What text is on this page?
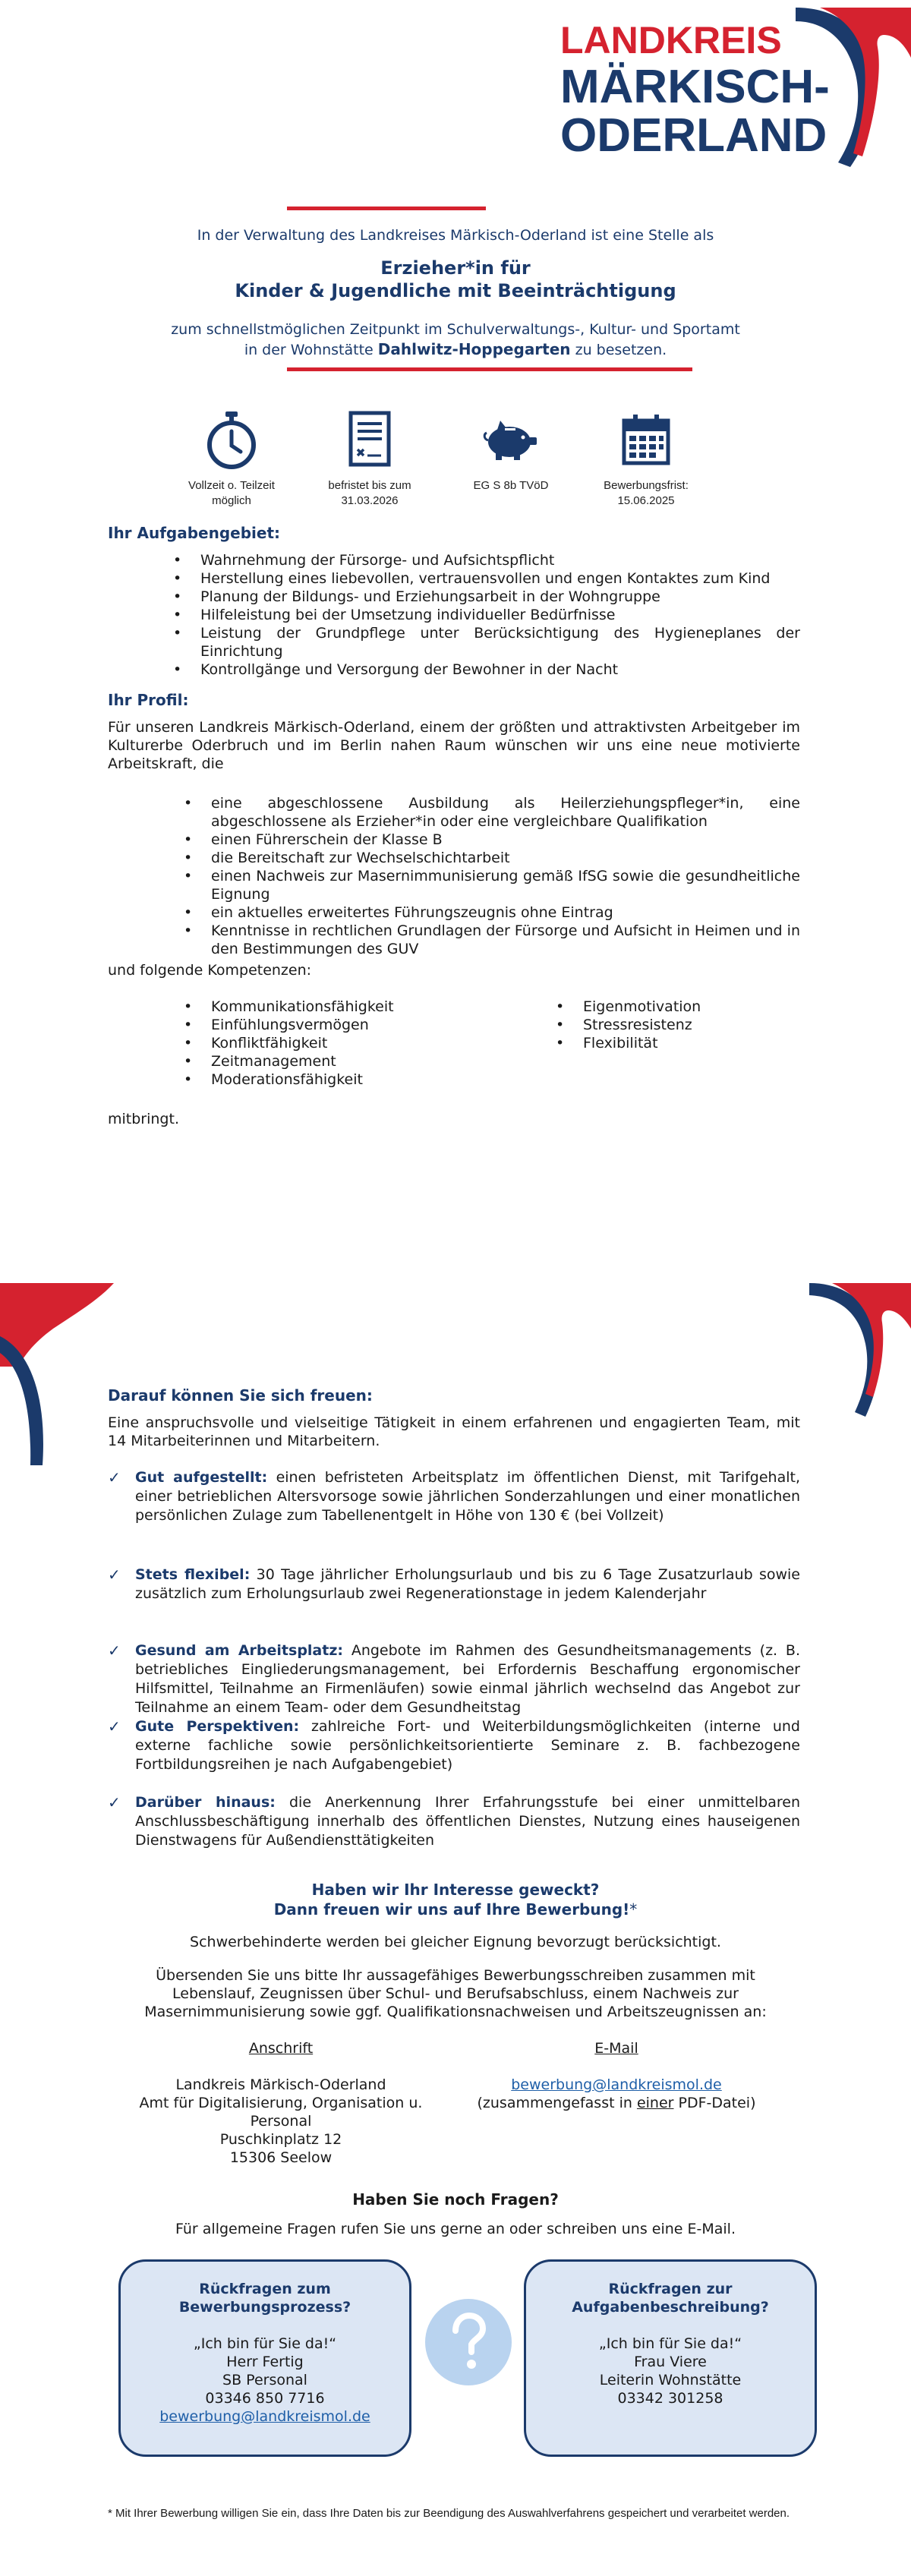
LANDKREIS
MÄRKISCH-
ODERLAND
In der Verwaltung des Landkreises Märkisch-Oderland ist eine Stelle als
Erzieher*in für
Kinder & Jugendliche mit Beeinträchtigung
zum schnellstmöglichen Zeitpunkt im Schulverwaltungs-, Kultur- und Sportamt
in der Wohnstätte Dahlwitz-Hoppegarten zu besetzen.
Vollzeit o. Teilzeit
möglich
befristet bis zum
31.03.2026
EG S 8b TVöD	Bewerbungsfrist:
15.06.2025
Ihr Aufgabengebiet:
• Wahrnehmung der Fürsorge- und Aufsichtspflicht
• Herstellung eines liebevollen, vertrauensvollen und engen Kontaktes zum Kind
• Planung der Bildungs- und Erziehungsarbeit in der Wohngruppe
• Hilfeleistung bei der Umsetzung individueller Bedürfnisse
• Leistung der Grundpflege unter Berücksichtigung des Hygieneplanes der Einrichtung
• Kontrollgänge und Versorgung der Bewohner in der Nacht
Ihr Profil:
Für unseren Landkreis Märkisch-Oderland, einem der größten und attraktivsten Arbeitgeber im Kulturerbe Oderbruch und im Berlin nahen Raum wünschen wir uns eine neue motivierte Arbeitskraft, die
• eine abgeschlossene Ausbildung als Heilerziehungspfleger*in, eine abgeschlossene als Erzieher*in oder eine vergleichbare Qualifikation
• einen Führerschein der Klasse B
• die Bereitschaft zur Wechselschichtarbeit
• einen Nachweis zur Masernimmunisierung gemäß IfSG sowie die gesundheitliche Eignung
• ein aktuelles erweitertes Führungszeugnis ohne Eintrag
• Kenntnisse in rechtlichen Grundlagen der Fürsorge und Aufsicht in Heimen und in den Bestimmungen des GUV
und folgende Kompetenzen:
• Kommunikationsfähigkeit
• Einfühlungsvermögen
• Konfliktfähigkeit
• Zeitmanagement
• Moderationsfähigkeit
• Eigenmotivation
• Stressresistenz
• Flexibilität
mitbringt.
Darauf können Sie sich freuen:
Eine anspruchsvolle und vielseitige Tätigkeit in einem erfahrenen und engagierten Team, mit 14 Mitarbeiterinnen und Mitarbeitern.
✓ Gut aufgestellt: einen befristeten Arbeitsplatz im öffentlichen Dienst, mit Tarifgehalt, einer betrieblichen Altersvorsoge sowie jährlichen Sonderzahlungen und einer monatlichen persönlichen Zulage zum Tabellenentgelt in Höhe von 130 € (bei Vollzeit)
✓ Stets flexibel: 30 Tage jährlicher Erholungsurlaub und bis zu 6 Tage Zusatzurlaub sowie zusätzlich zum Erholungsurlaub zwei Regenerationstage in jedem Kalenderjahr
✓ Gesund am Arbeitsplatz: Angebote im Rahmen des Gesundheitsmanagements (z. B. betriebliches Eingliederungsmanagement, bei Erfordernis Beschaffung ergonomischer Hilfsmittel, Teilnahme an Firmenläufen) sowie einmal jährlich wechselnd das Angebot zur Teilnahme an einem Team- oder dem Gesundheitstag
✓ Gute Perspektiven: zahlreiche Fort- und Weiterbildungsmöglichkeiten (interne und externe fachliche sowie persönlichkeitsorientierte Seminare z. B. fachbezogene Fortbildungsreihen je nach Aufgabengebiet)
✓ Darüber hinaus: die Anerkennung Ihrer Erfahrungsstufe bei einer unmittelbaren Anschlussbeschäftigung innerhalb des öffentlichen Dienstes, Nutzung eines hauseigenen Dienstwagens für Außendiensttätigkeiten
Haben wir Ihr Interesse geweckt?
Dann freuen wir uns auf Ihre Bewerbung!*
Schwerbehinderte werden bei gleicher Eignung bevorzugt berücksichtigt.
Übersenden Sie uns bitte Ihr aussagefähiges Bewerbungsschreiben zusammen mit Lebenslauf, Zeugnissen über Schul- und Berufsabschluss, einem Nachweis zur Masernimmunisierung sowie ggf. Qualifikationsnachweisen und Arbeitszeugnissen an:
Anschrift
Landkreis Märkisch-Oderland
Amt für Digitalisierung, Organisation u.
Personal
Puschkinplatz 12
15306 Seelow
E-Mail
bewerbung@landkreismol.de
(zusammengefasst in einer PDF-Datei)
Haben Sie noch Fragen?
Für allgemeine Fragen rufen Sie uns gerne an oder schreiben uns eine E-Mail.
Rückfragen zum
Bewerbungsprozess?
„Ich bin für Sie da!“
Herr Fertig
SB Personal
03346 850 7716
bewerbung@landkreismol.de
Rückfragen zur
Aufgabenbeschreibung?
„Ich bin für Sie da!“
Frau Viere
Leiterin Wohnstätte
03342 301258
* Mit Ihrer Bewerbung willigen Sie ein, dass Ihre Daten bis zur Beendigung des Auswahlverfahrens gespeichert und verarbeitet werden.
